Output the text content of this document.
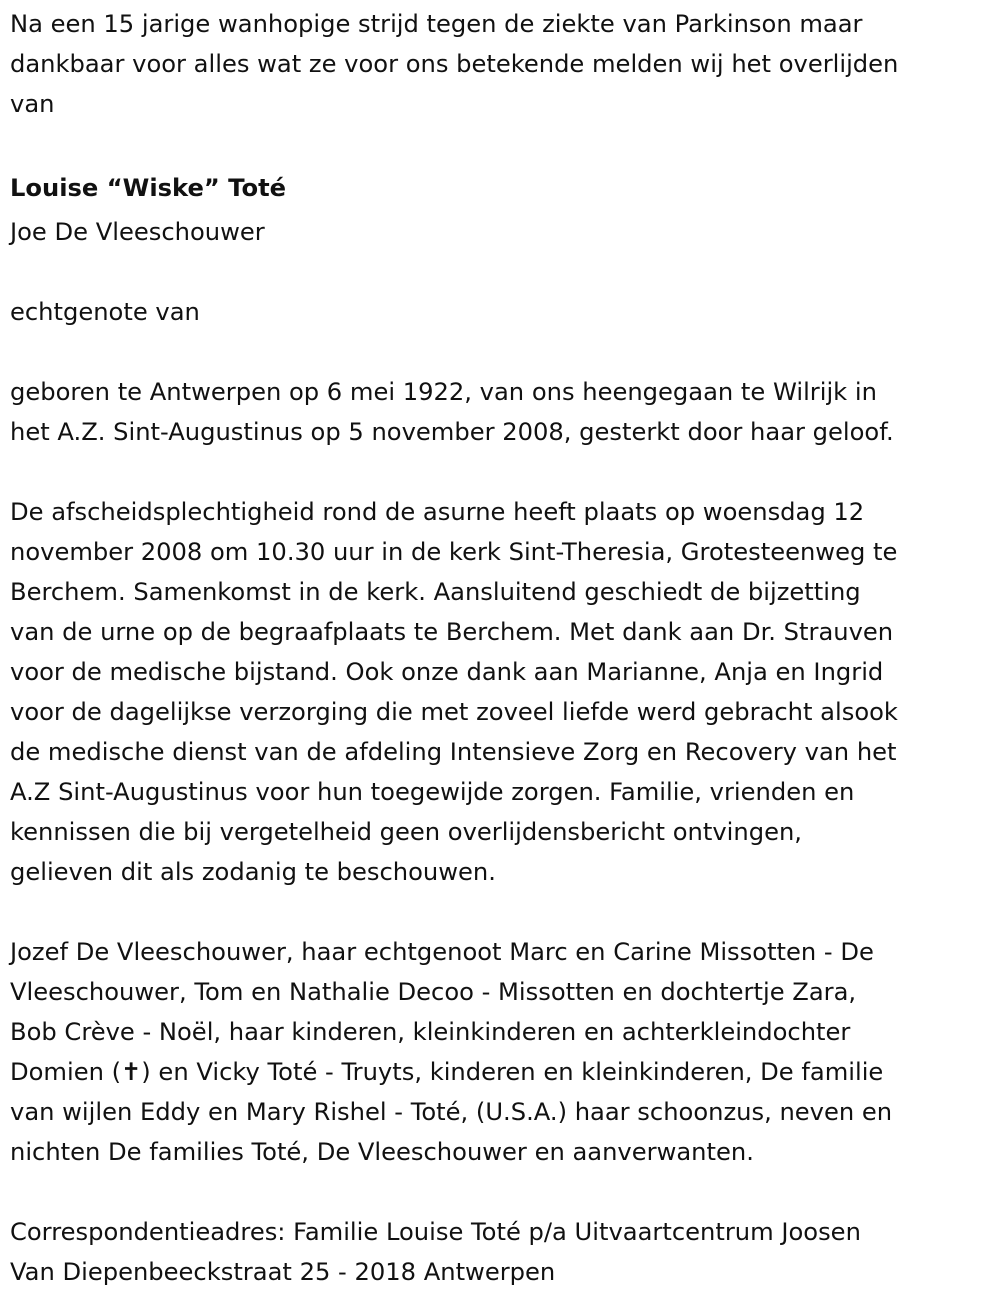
Na een 15 jarige wanhopige strijd tegen de ziekte van Parkinson maar

dankbaar voor alles wat ze voor ons betekende melden wij het overlijden

van

Louise “Wiske” Toté

Joe De Vleeschouwer

echtgenote van

geboren te Antwerpen op 6 mei 1922, van ons heengegaan te Wilrijk in

het A.Z. Sint-Augustinus op 5 november 2008, gesterkt door haar geloof.

De afscheidsplechtigheid rond de asurne heeft plaats op woensdag 12

november 2008 om 10.30 uur in de kerk Sint-Theresia, Grotesteenweg te

Berchem. Samenkomst in de kerk. Aansluitend geschiedt de bijzetting

van de urne op de begraafplaats te Berchem. Met dank aan Dr. Strauven

voor de medische bijstand. Ook onze dank aan Marianne, Anja en Ingrid

voor de dagelijkse verzorging die met zoveel liefde werd gebracht alsook

de medische dienst van de afdeling Intensieve Zorg en Recovery van het

A.Z Sint-Augustinus voor hun toegewijde zorgen. Familie, vrienden en

kennissen die bij vergetelheid geen overlijdensbericht ontvingen,

gelieven dit als zodanig te beschouwen.

Jozef De Vleeschouwer, haar echtgenoot Marc en Carine Missotten - De

Vleeschouwer, Tom en Nathalie Decoo - Missotten en dochtertje Zara,

Bob Crève - Noël, haar kinderen, kleinkinderen en achterkleindochter

Domien (✝) en Vicky Toté - Truyts, kinderen en kleinkinderen, De familie

van wijlen Eddy en Mary Rishel - Toté, (U.S.A.) haar schoonzus, neven en

nichten De families Toté, De Vleeschouwer en aanverwanten.

Correspondentieadres: Familie Louise Toté p/a Uitvaartcentrum Joosen

Van Diepenbeeckstraat 25 - 2018 Antwerpen
